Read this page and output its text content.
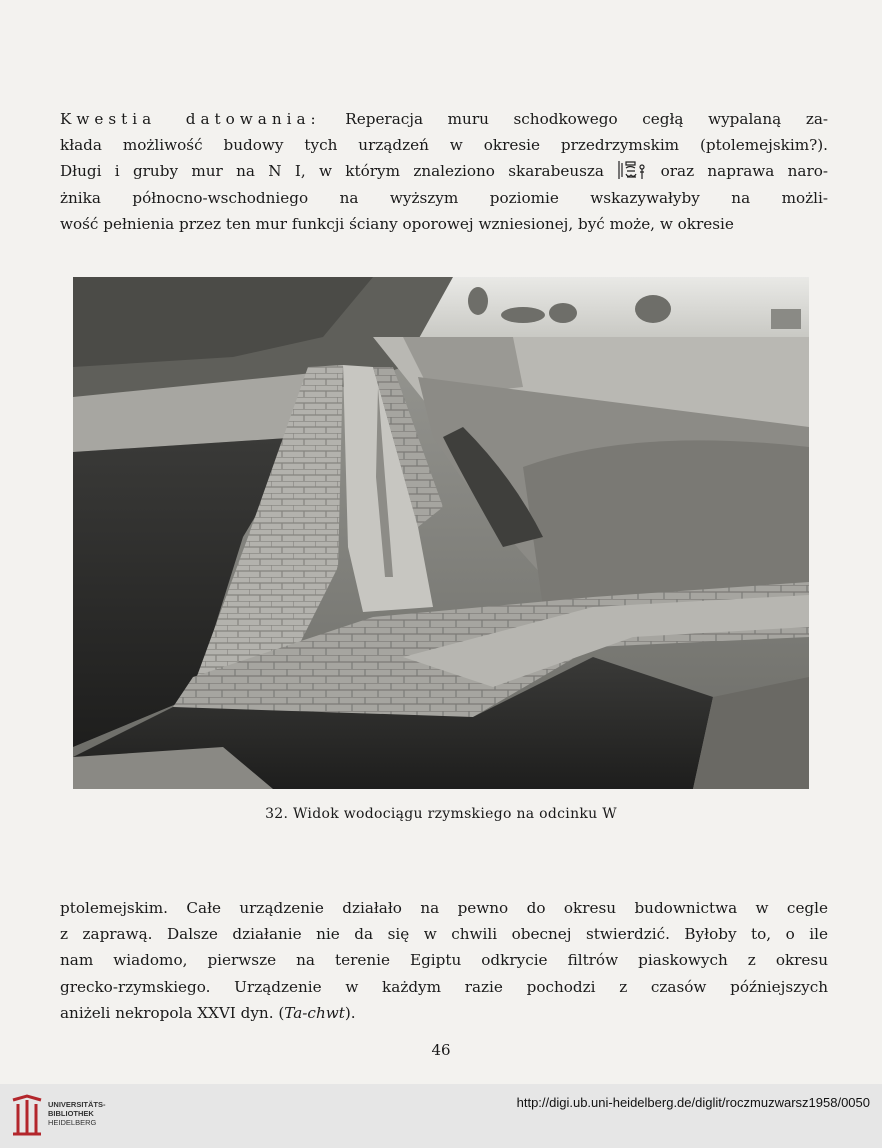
Kwestia datowania: Reperacja muru schodkowego cegłą wypalaną za-
kłada możliwość budowy tych urządzeń w okresie przedrzymskim (ptolemejskim?).
Długi i gruby mur na N I, w którym znaleziono skarabeusza	oraz naprawa naro-
żnika północno-wschodniego na wyższym poziomie wskazywałyby na możli-
wość pełnienia przez ten mur funkcji ściany oporowej wzniesionej, być może, w okresie
32. Widok wodociągu rzymskiego na odcinku W
ptolemejskim. Całe urządzenie działało na pewno do okresu budownictwa w cegle
z zaprawą. Dalsze działanie nie da się w chwili obecnej stwierdzić. Byłoby to, o ile
nam wiadomo, pierwsze na terenie Egiptu odkrycie filtrów piaskowych z okresu
grecko-rzymskiego. Urządzenie w każdym razie pochodzi z czasów późniejszych
aniżeli nekropola XXVI dyn. (Ta-chwt).
46
UNIVERSITÄTS-
BIBLIOTHEK
HEIDELBERG
http://digi.ub.uni-heidelberg.de/diglit/roczmuzwarsz1958/0050
